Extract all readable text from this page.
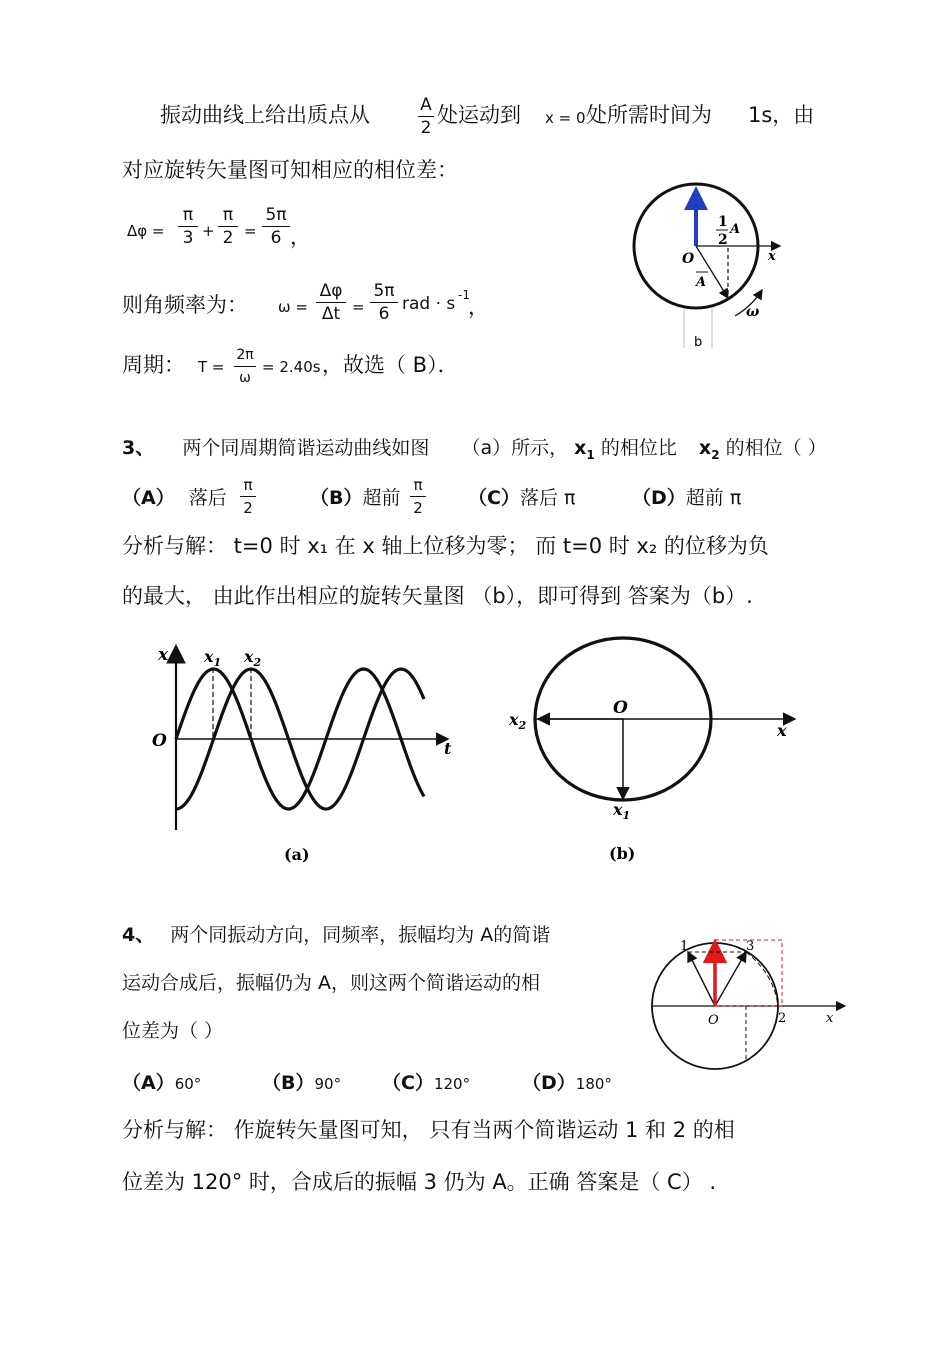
振动曲线上给出质点从	A
2
处运动到 x = 0 处所需时间为 1s，由
对应旋转矢量图可知相应的相位差：
Δφ =
π
3 +
π
2 =
5π
6 ，
则角频率为： ω =
Δφ
Δt =
5π
6 rad · s -1
，
周期： T =
2π
ω
= 2.40s ，故选（ B）．
1
2
A
O	x
A
ω
b
3、 两个同周期简谐运动曲线如图 （a）所示， $x_1$ 的相位比 $x_2$ 的相位（ ）
（A） 落后
π
2	（B）超前
π
2 （C）落后 π	（D）超前 π
分析与解： t=0 时 x₁ 在 x 轴上位移为零； 而 t=0 时 x₂ 的位移为负
的最大， 由此作出相应的旋转矢量图 （b），即可得到 答案为（b）.
x $x_1$ $x_2$
O	t
(a)
O
x
$x_2$
$x_1$
(b)
4、 两个同振动方向，同频率，振幅均为 A的简谐
运动合成后，振幅仍为 A，则这两个简谐运动的相
位差为（ ）
（A）60°	（B）90° （C）120°	（D）180°
分析与解： 作旋转矢量图可知， 只有当两个简谐运动 1 和 2 的相
位差为 120° 时，合成后的振幅 3 仍为 A。正确 答案是（ C） .
1	3
2
O	x
